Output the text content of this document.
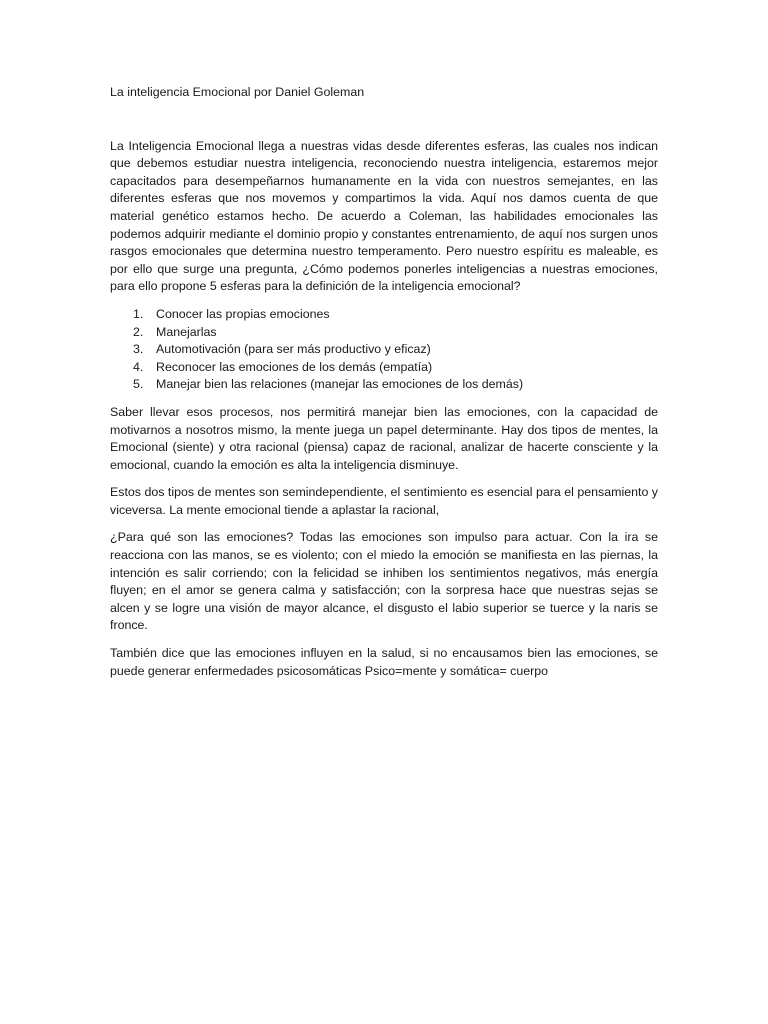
La inteligencia Emocional por Daniel Goleman

La Inteligencia Emocional llega a nuestras vidas desde diferentes esferas, las cuales nos indican que debemos estudiar nuestra inteligencia, reconociendo nuestra inteligencia, estaremos mejor capacitados para desempeñarnos humanamente en la vida con nuestros semejantes, en las diferentes esferas que nos movemos y compartimos la vida. Aquí nos damos cuenta de que material genético estamos hecho. De acuerdo a Coleman, las habilidades emocionales las podemos adquirir mediante el dominio propio y constantes entrenamiento, de aquí nos surgen unos rasgos emocionales que determina nuestro temperamento. Pero nuestro espíritu es maleable, es por ello que surge una pregunta, ¿Cómo podemos ponerles inteligencias a nuestras emociones, para ello propone 5 esferas para la definición de la inteligencia emocional?

1.	Conocer las propias emociones
2.	Manejarlas
3.	Automotivación (para ser más productivo y eficaz)
4.	Reconocer las emociones de los demás (empatía)
5.	Manejar bien las relaciones (manejar las emociones de los demás)

Saber llevar esos procesos, nos permitirá manejar bien las emociones, con la capacidad de motivarnos a nosotros mismo, la mente juega un papel determinante. Hay dos tipos de mentes, la Emocional (siente) y otra racional (piensa) capaz de racional, analizar de hacerte consciente y la emocional, cuando la emoción es alta la inteligencia disminuye.

Estos dos tipos de mentes son semindependiente, el sentimiento es esencial para el pensamiento y viceversa. La mente emocional tiende a aplastar la racional,

¿Para qué son las emociones? Todas las emociones son impulso para actuar. Con la ira se reacciona con las manos, se es violento; con el miedo la emoción se manifiesta en las piernas, la intención es salir corriendo; con la felicidad se inhiben los sentimientos negativos, más energía fluyen; en el amor se genera calma y satisfacción; con la sorpresa hace que nuestras sejas se alcen y se logre una visión de mayor alcance, el disgusto el labio superior se tuerce y la naris se fronce.

También dice que las emociones influyen en la salud, si no encausamos bien las emociones, se puede generar enfermedades psicosomáticas Psico=mente y somática= cuerpo
